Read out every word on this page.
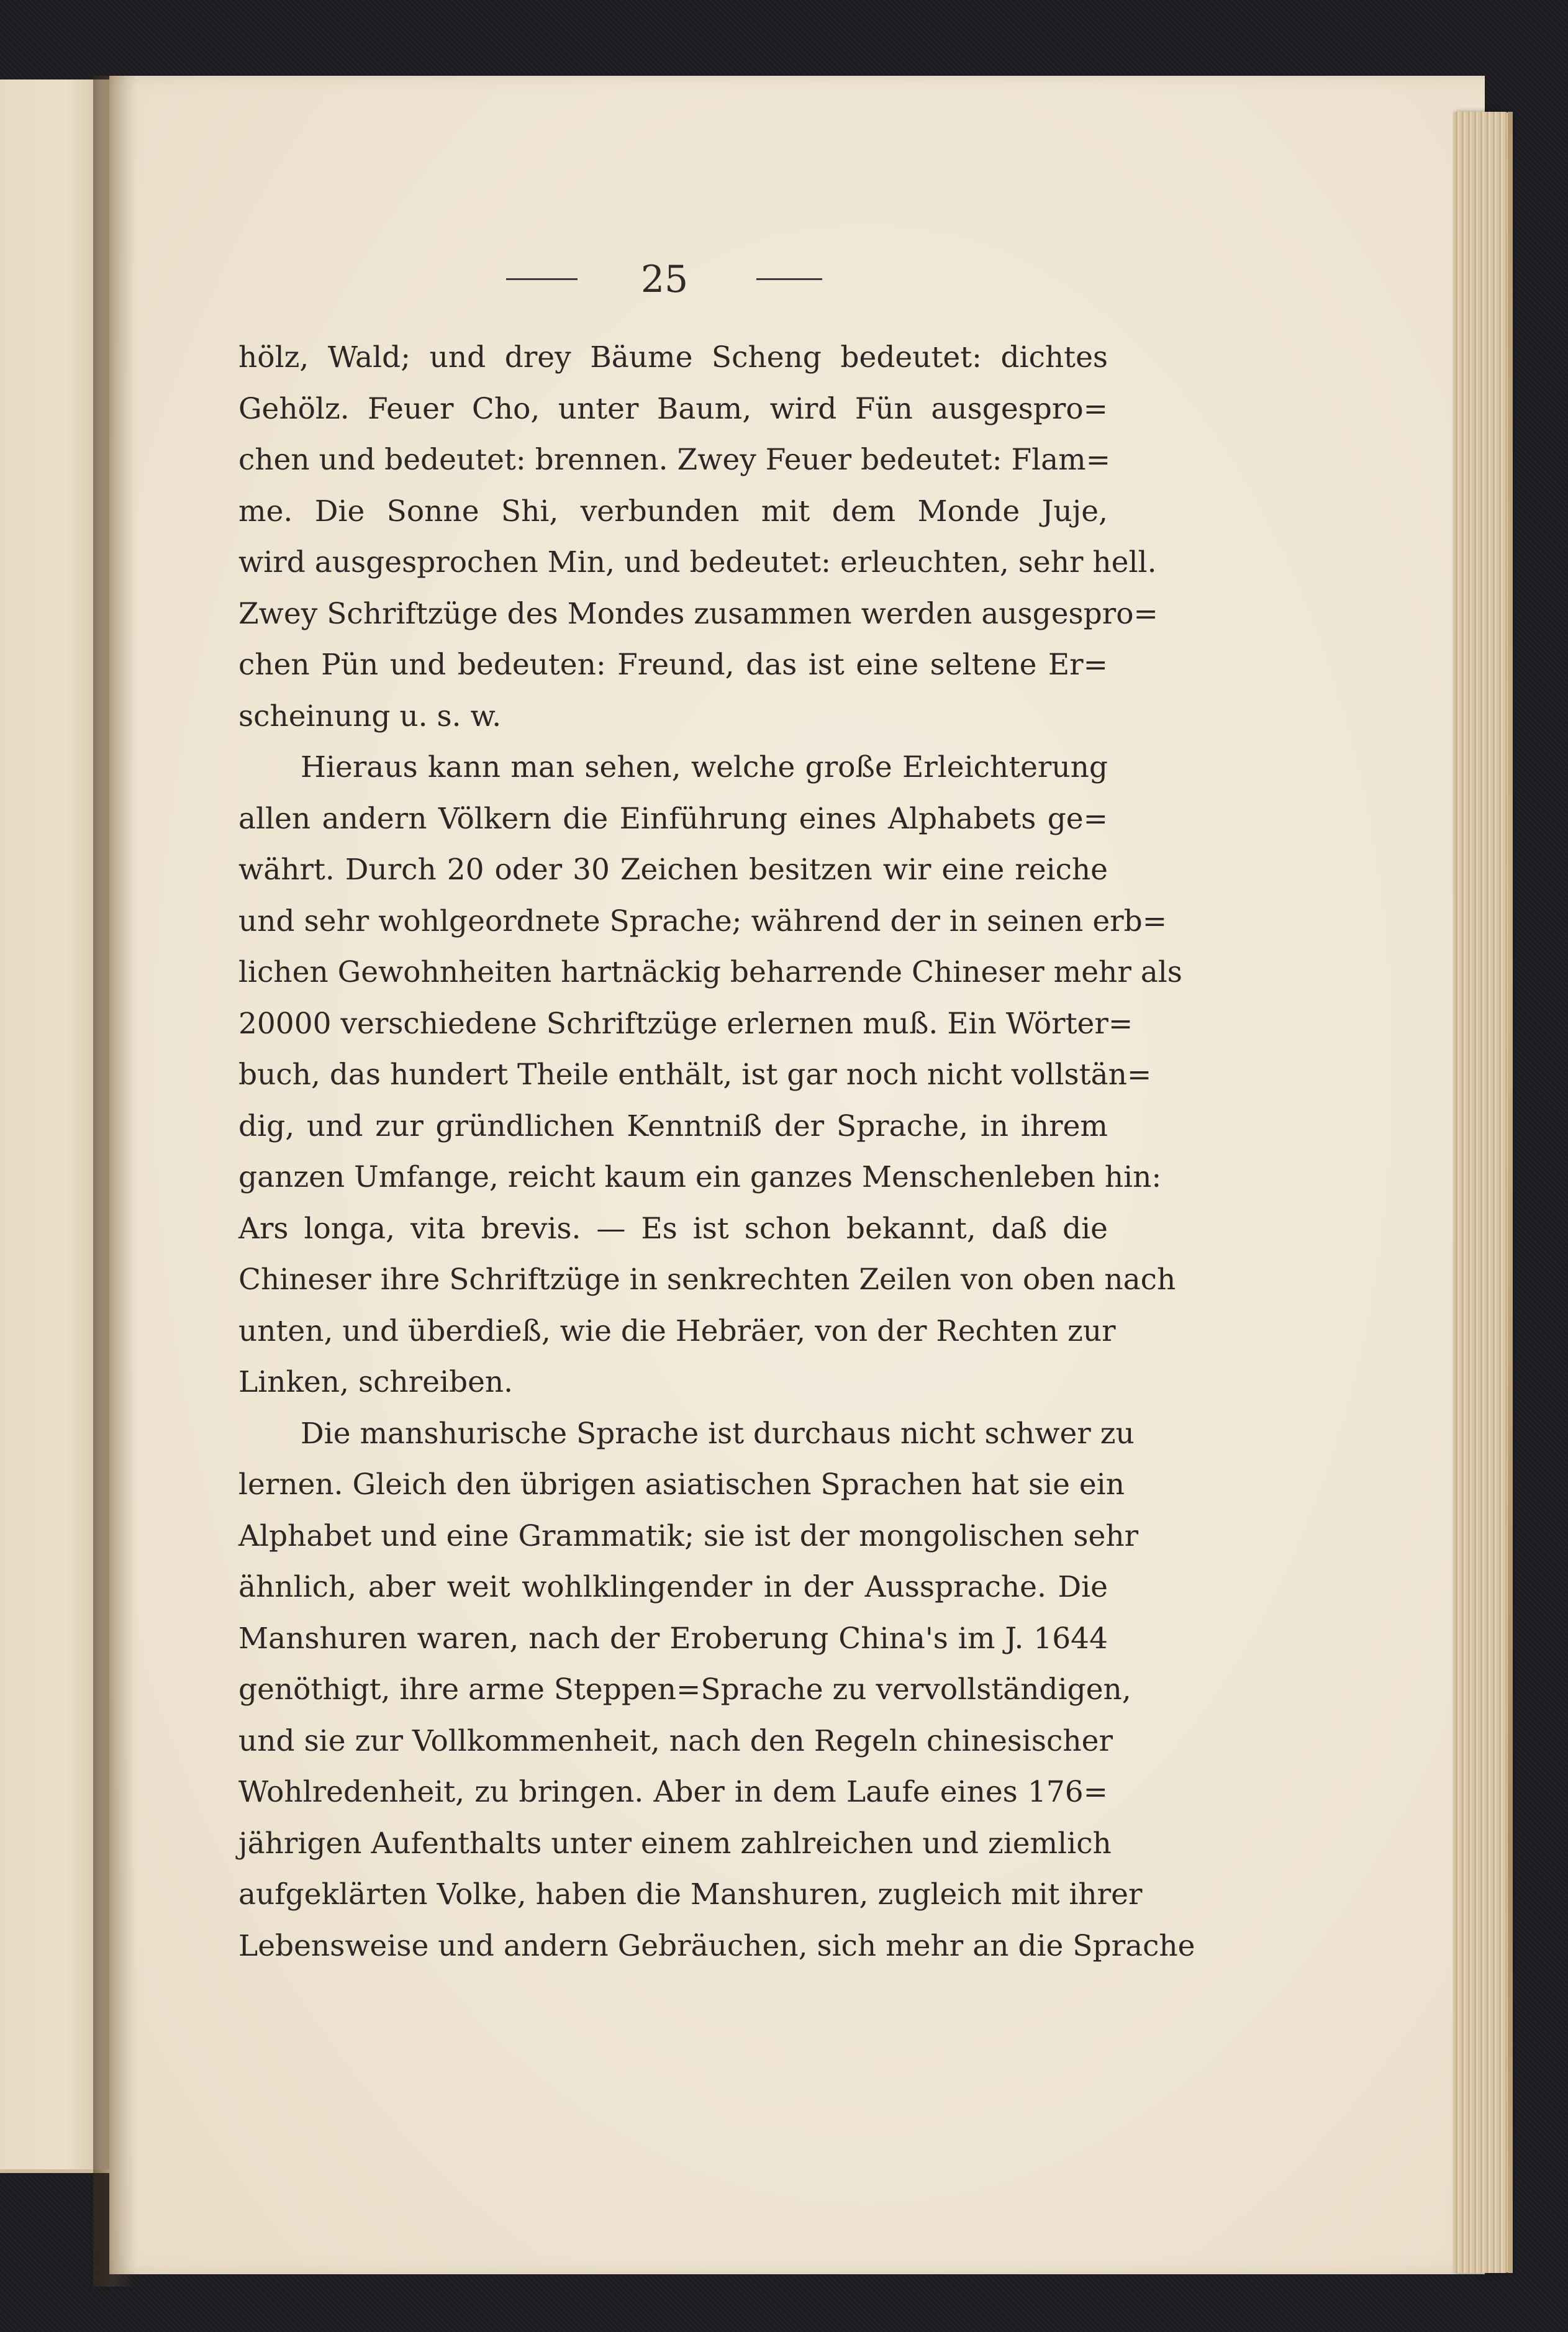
25
hölz, Wald; und drey Bäume Scheng bedeutet: dichtes
Gehölz. Feuer Cho, unter Baum, wird Fün ausgespro=
chen und bedeutet: brennen. Zwey Feuer bedeutet: Flam=
me. Die Sonne Shi, verbunden mit dem Monde Juje,
wird ausgesprochen Min, und bedeutet: erleuchten, sehr hell.
Zwey Schriftzüge des Mondes zusammen werden ausgespro=
chen Pün und bedeuten: Freund, das ist eine seltene Er=
scheinung u. s. w.
Hieraus kann man sehen, welche große Erleichterung
allen andern Völkern die Einführung eines Alphabets ge=
währt. Durch 20 oder 30 Zeichen besitzen wir eine reiche
und sehr wohlgeordnete Sprache; während der in seinen erb=
lichen Gewohnheiten hartnäckig beharrende Chineser mehr als
20000 verschiedene Schriftzüge erlernen muß. Ein Wörter=
buch, das hundert Theile enthält, ist gar noch nicht vollstän=
dig, und zur gründlichen Kenntniß der Sprache, in ihrem
ganzen Umfange, reicht kaum ein ganzes Menschenleben hin:
Ars longa, vita brevis. — Es ist schon bekannt, daß die
Chineser ihre Schriftzüge in senkrechten Zeilen von oben nach
unten, und überdieß, wie die Hebräer, von der Rechten zur
Linken, schreiben.
Die manshurische Sprache ist durchaus nicht schwer zu
lernen. Gleich den übrigen asiatischen Sprachen hat sie ein
Alphabet und eine Grammatik; sie ist der mongolischen sehr
ähnlich, aber weit wohlklingender in der Aussprache. Die
Manshuren waren, nach der Eroberung China's im J. 1644
genöthigt, ihre arme Steppen=Sprache zu vervollständigen,
und sie zur Vollkommenheit, nach den Regeln chinesischer
Wohlredenheit, zu bringen. Aber in dem Laufe eines 176=
jährigen Aufenthalts unter einem zahlreichen und ziemlich
aufgeklärten Volke, haben die Manshuren, zugleich mit ihrer
Lebensweise und andern Gebräuchen, sich mehr an die Sprache
